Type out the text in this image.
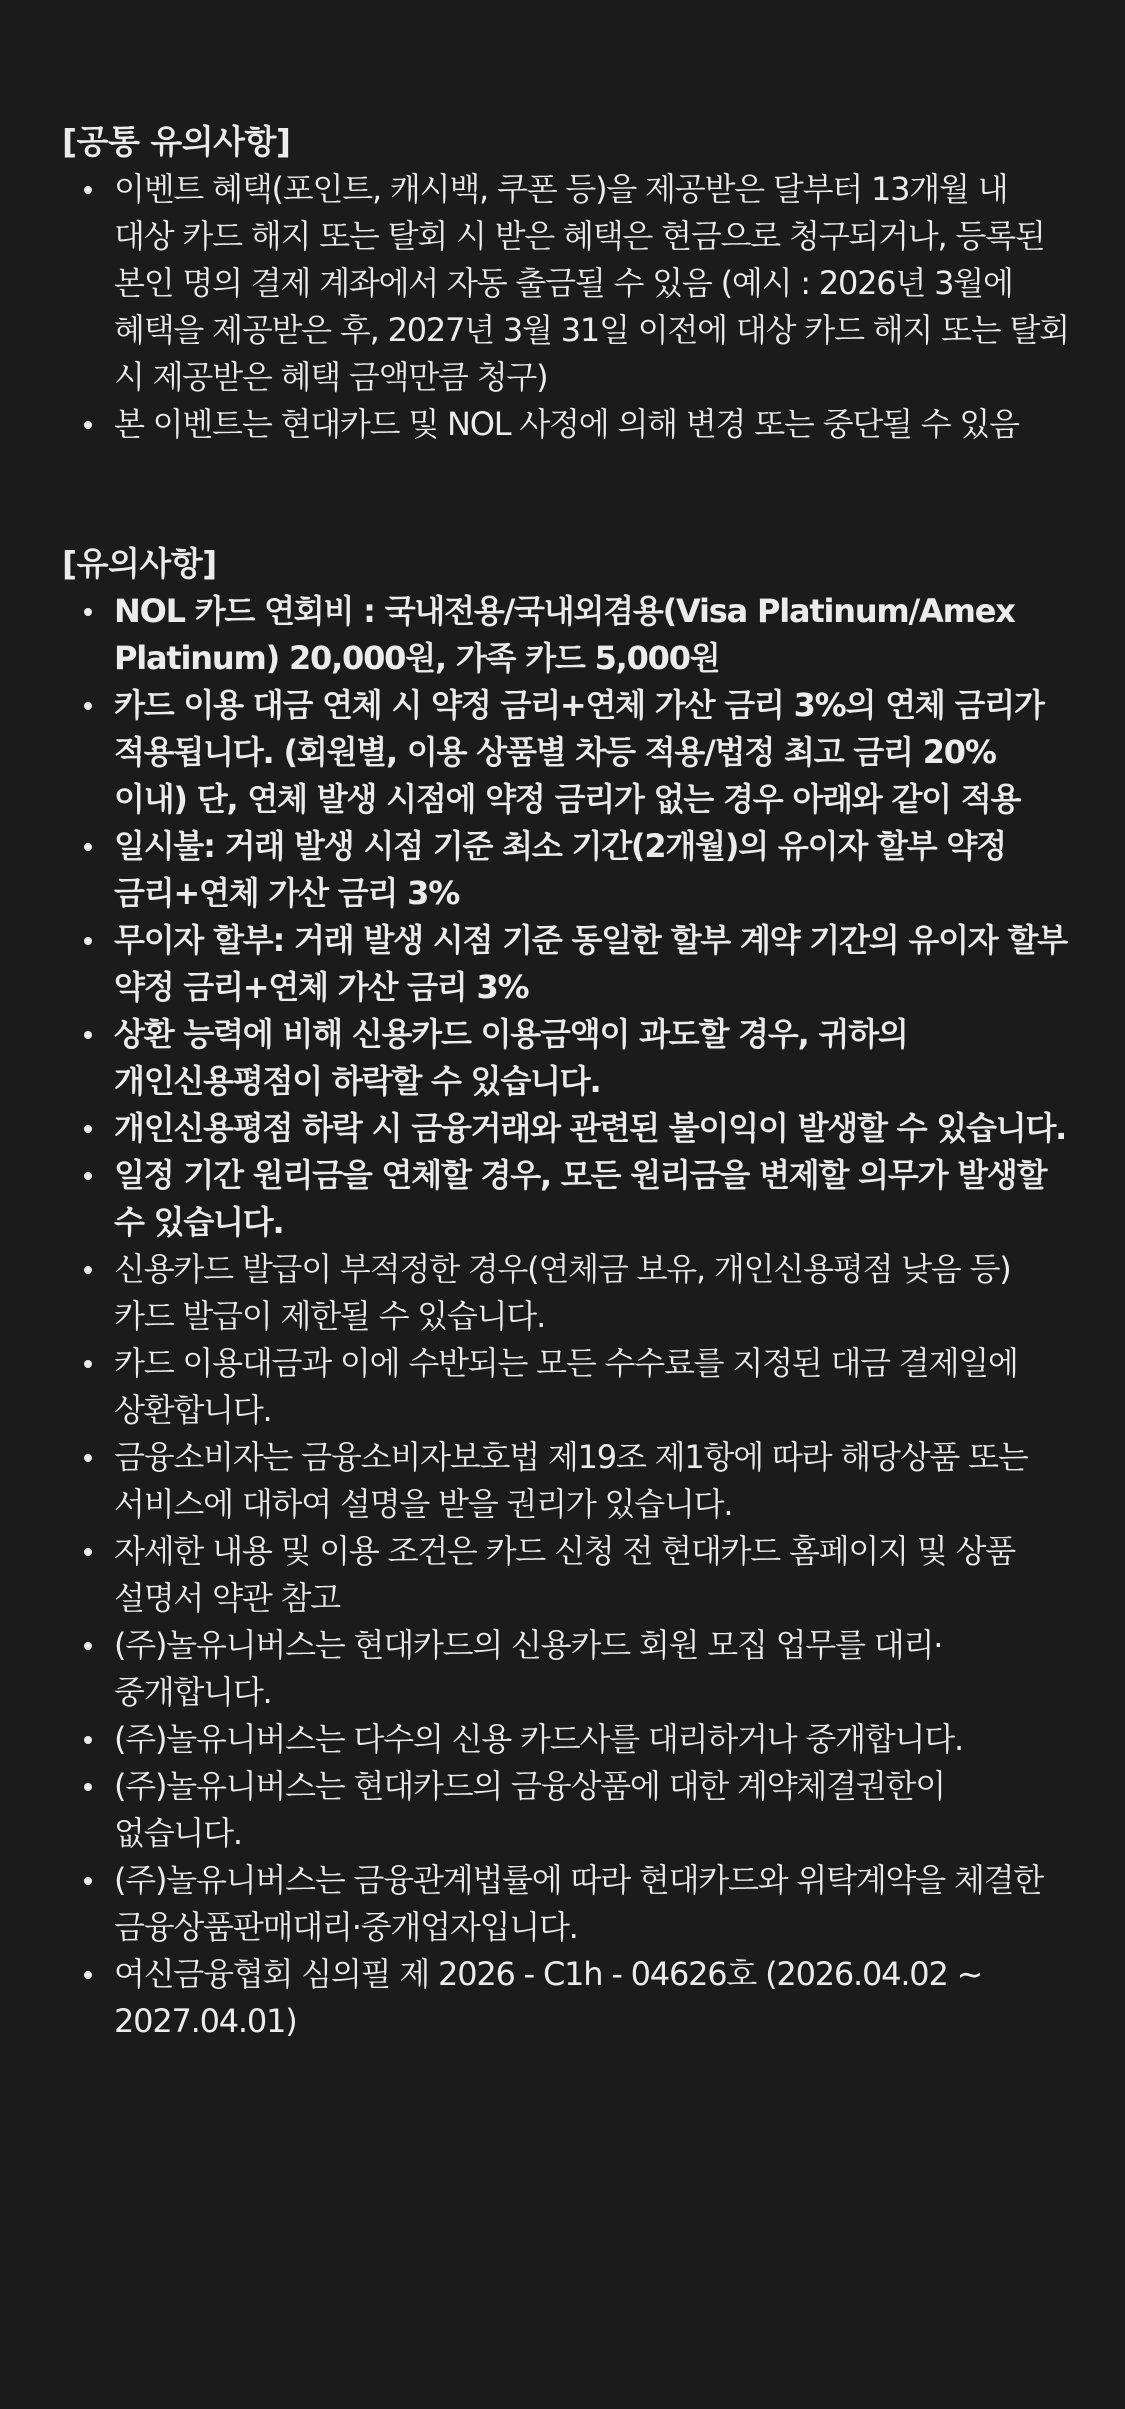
[공통 유의사항]
이벤트 혜택(포인트, 캐시백, 쿠폰 등)을 제공받은 달부터 13개월 내 대상 카드 해지 또는 탈회 시 받은 혜택은 현금으로 청구되거나, 등록된 본인 명의 결제 계좌에서 자동 출금될 수 있음 (예시 : 2026년 3월에 혜택을 제공받은 후, 2027년 3월 31일 이전에 대상 카드 해지 또는 탈회 시 제공받은 혜택 금액만큼 청구)
본 이벤트는 현대카드 및 NOL 사정에 의해 변경 또는 중단될 수 있음
[유의사항]
NOL 카드 연회비 : 국내전용/국내외겸용(Visa Platinum/Amex Platinum) 20,000원, 가족 카드 5,000원
카드 이용 대금 연체 시 약정 금리+연체 가산 금리 3%의 연체 금리가 적용됩니다. (회원별, 이용 상품별 차등 적용/법정 최고 금리 20% 이내) 단, 연체 발생 시점에 약정 금리가 없는 경우 아래와 같이 적용
일시불: 거래 발생 시점 기준 최소 기간(2개월)의 유이자 할부 약정 금리+연체 가산 금리 3%
무이자 할부: 거래 발생 시점 기준 동일한 할부 계약 기간의 유이자 할부 약정 금리+연체 가산 금리 3%
상환 능력에 비해 신용카드 이용금액이 과도할 경우, 귀하의 개인신용평점이 하락할 수 있습니다.
개인신용평점 하락 시 금융거래와 관련된 불이익이 발생할 수 있습니다.
일정 기간 원리금을 연체할 경우, 모든 원리금을 변제할 의무가 발생할 수 있습니다.
신용카드 발급이 부적정한 경우(연체금 보유, 개인신용평점 낮음 등) 카드 발급이 제한될 수 있습니다.
카드 이용대금과 이에 수반되는 모든 수수료를 지정된 대금 결제일에 상환합니다.
금융소비자는 금융소비자보호법 제19조 제1항에 따라 해당상품 또는 서비스에 대하여 설명을 받을 권리가 있습니다.
자세한 내용 및 이용 조건은 카드 신청 전 현대카드 홈페이지 및 상품 설명서 약관 참고
(주)놀유니버스는 현대카드의 신용카드 회원 모집 업무를 대리·중개합니다.
(주)놀유니버스는 다수의 신용 카드사를 대리하거나 중개합니다.
(주)놀유니버스는 현대카드의 금융상품에 대한 계약체결권한이 없습니다.
(주)놀유니버스는 금융관계법률에 따라 현대카드와 위탁계약을 체결한 금융상품판매대리·중개업자입니다.
여신금융협회 심의필 제 2026 - C1h - 04626호 (2026.04.02 ~ 2027.04.01)
